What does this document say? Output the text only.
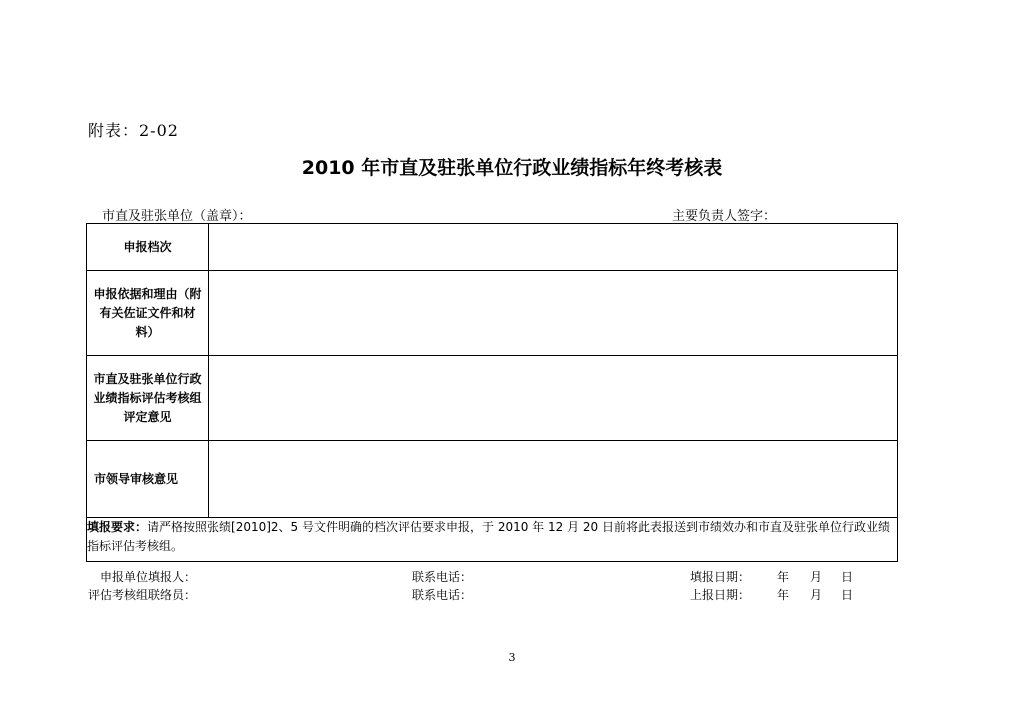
附表：2-02
2010 年市直及驻张单位行政业绩指标年终考核表
市直及驻张单位（盖章）：	主要负责人签字：
申报档次	

申报依据和理由（附有关佐证文件和材料）	

市直及驻张单位行政业绩指标评估考核组评定意见	

市领导审核意见	
填报要求：请严格按照张绩[2010]2、5 号文件明确的档次评估要求申报，于 2010 年 12 月 20 日前将此表报送到市绩效办和市直及驻张单位行政业绩指标评估考核组。	
申报单位填报人：	联系电话：	填报日期： 年 月 日
评估考核组联络员：	联系电话：	上报日期： 年 月 日
3
